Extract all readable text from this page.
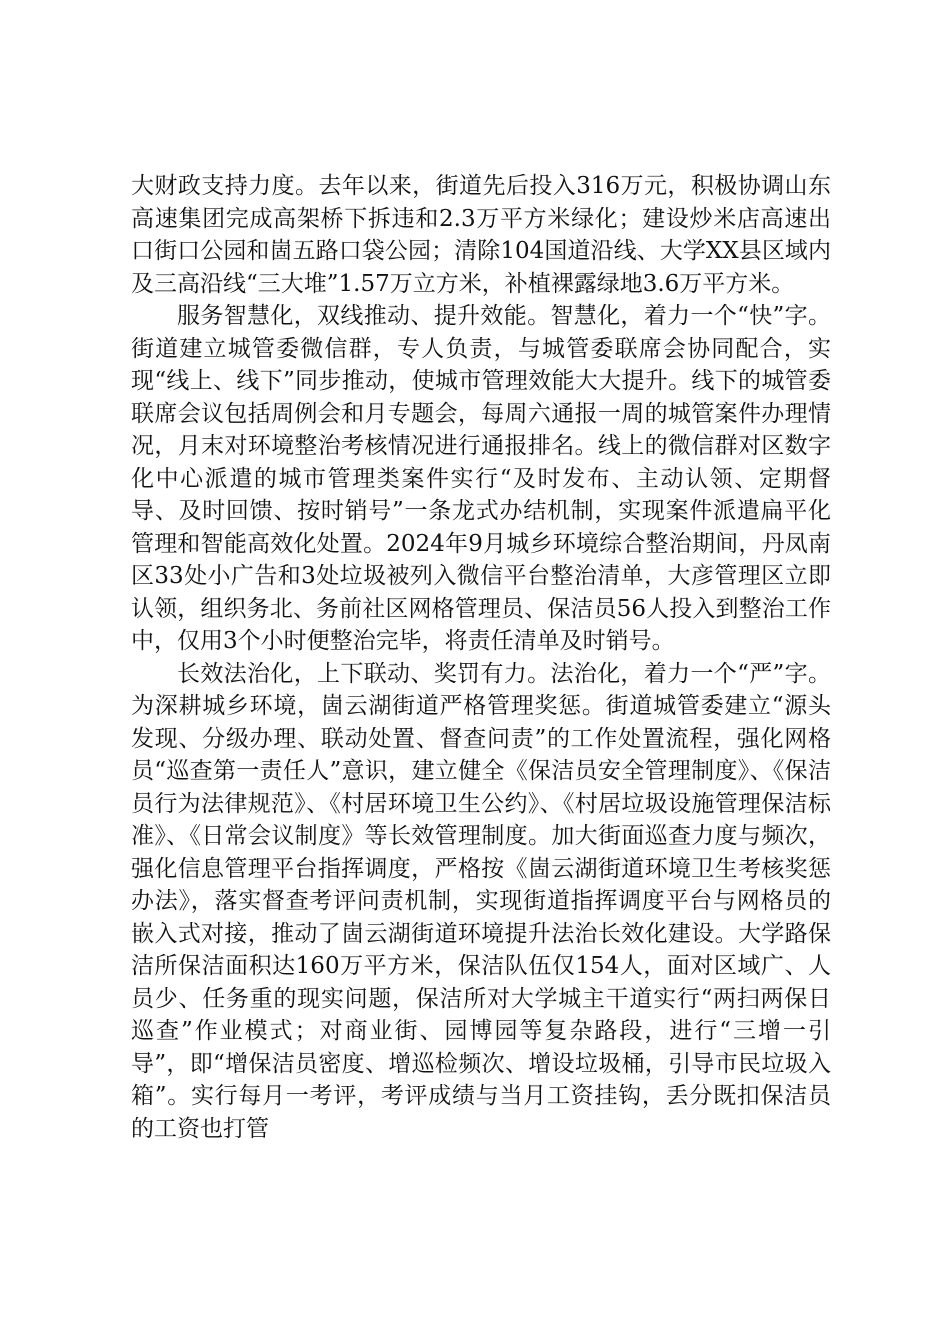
大财政支持力度。去年以来，街道先后投入316万元，积极协调山东高速集团完成高架桥下拆违和2.3万平方米绿化；建设炒米店高速出口街口公园和崮五路口袋公园；清除104国道沿线、大学XX县区域内及三高沿线“三大堆”1.57万立方米，补植裸露绿地3.6万平方米。

服务智慧化，双线推动、提升效能。智慧化，着力一个“快”字。街道建立城管委微信群，专人负责，与城管委联席会协同配合，实现“线上、线下”同步推动，使城市管理效能大大提升。线下的城管委联席会议包括周例会和月专题会，每周六通报一周的城管案件办理情况，月末对环境整治考核情况进行通报排名。线上的微信群对区数字化中心派遣的城市管理类案件实行“及时发布、主动认领、定期督导、及时回馈、按时销号”一条龙式办结机制，实现案件派遣扁平化管理和智能高效化处置。2024年9月城乡环境综合整治期间，丹凤南区33处小广告和3处垃圾被列入微信平台整治清单，大彦管理区立即认领，组织务北、务前社区网格管理员、保洁员56人投入到整治工作中，仅用3个小时便整治完毕，将责任清单及时销号。

长效法治化，上下联动、奖罚有力。法治化，着力一个“严”字。为深耕城乡环境，崮云湖街道严格管理奖惩。街道城管委建立“源头发现、分级办理、联动处置、督查问责”的工作处置流程，强化网格员“巡查第一责任人”意识，建立健全《保洁员安全管理制度》、《保洁员行为法律规范》、《村居环境卫生公约》、《村居垃圾设施管理保洁标准》、《日常会议制度》等长效管理制度。加大街面巡查力度与频次，强化信息管理平台指挥调度，严格按《崮云湖街道环境卫生考核奖惩办法》，落实督查考评问责机制，实现街道指挥调度平台与网格员的嵌入式对接，推动了崮云湖街道环境提升法治长效化建设。大学路保洁所保洁面积达160万平方米，保洁队伍仅154人，面对区域广、人员少、任务重的现实问题，保洁所对大学城主干道实行“两扫两保日巡查”作业模式；对商业街、园博园等复杂路段，进行“三增一引导”，即“增保洁员密度、增巡检频次、增设垃圾桶，引导市民垃圾入箱”。实行每月一考评，考评成绩与当月工资挂钩，丢分既扣保洁员的工资也打管
